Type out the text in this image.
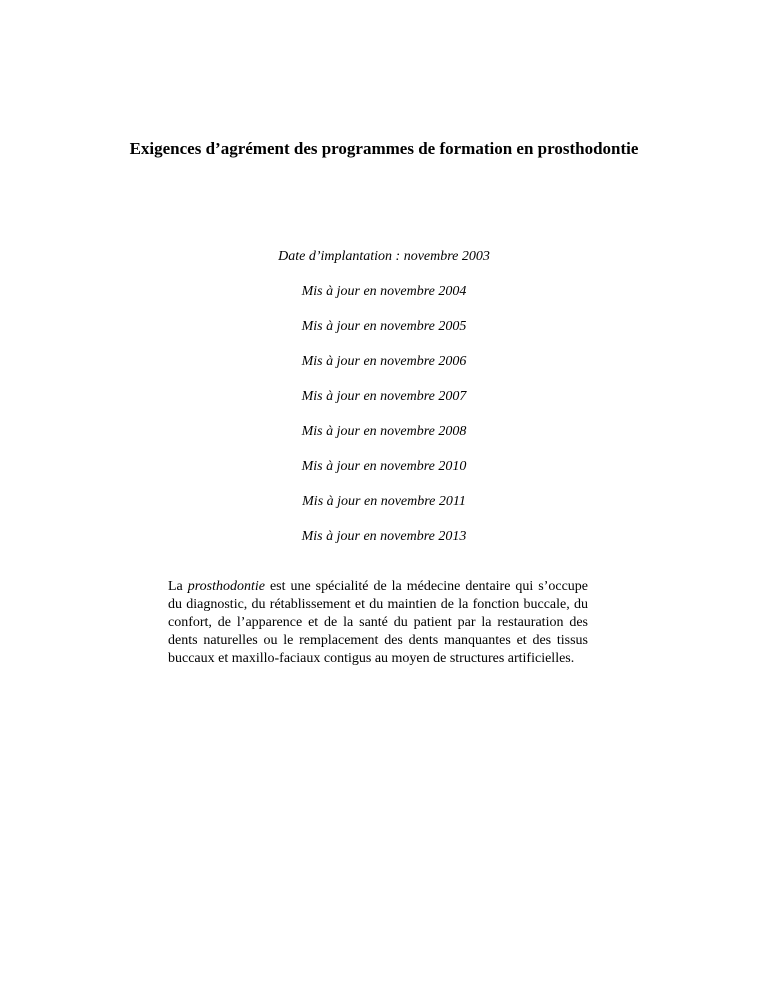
Exigences d’agrément des programmes de formation en prosthodontie
Date d’implantation : novembre 2003
Mis à jour en novembre 2004
Mis à jour en novembre 2005
Mis à jour en novembre 2006
Mis à jour en novembre 2007
Mis à jour en novembre 2008
Mis à jour en novembre 2010
Mis à jour en novembre 2011
Mis à jour en novembre 2013

La prosthodontie est une spécialité de la médecine dentaire qui s’occupe du diagnostic, du rétablissement et du maintien de la fonction buccale, du confort, de l’apparence et de la santé du patient par la restauration des dents naturelles ou le remplacement des dents manquantes et des tissus buccaux et maxillo-faciaux contigus au moyen de structures artificielles.
